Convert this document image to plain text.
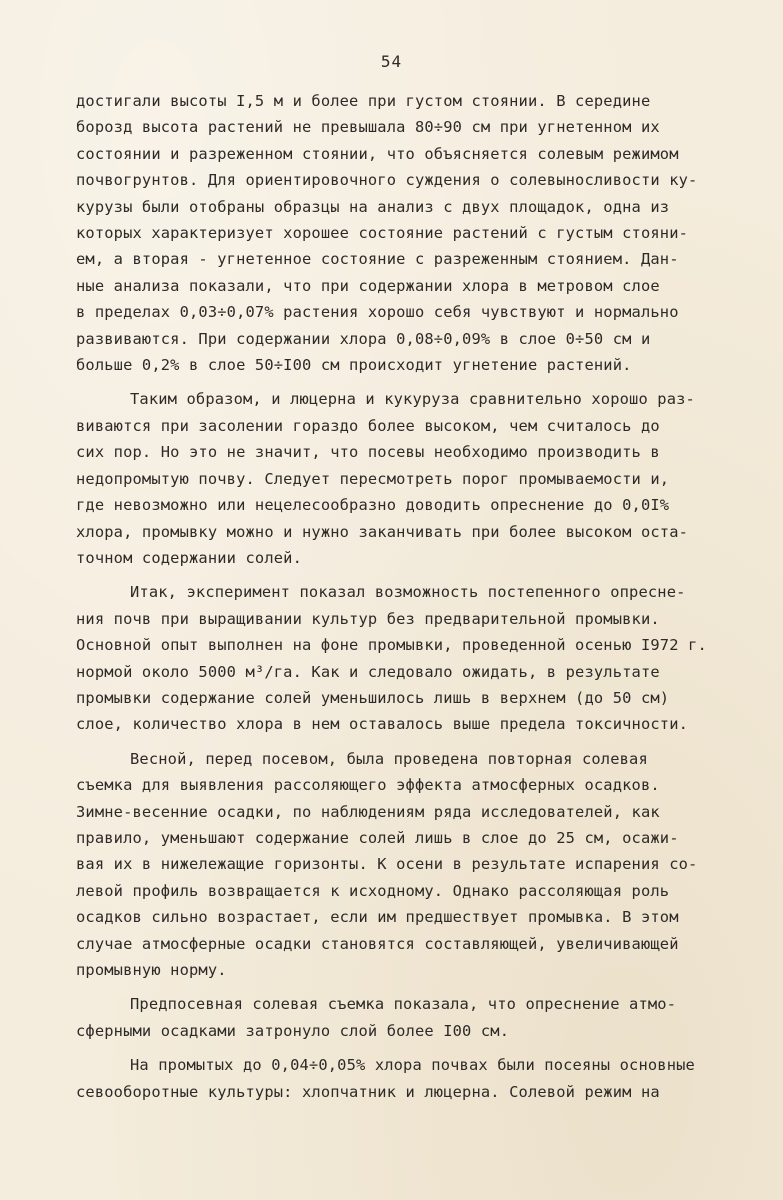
54
достигали высоты I,5 м и более при густом стоянии. В середине
борозд высота растений не превышала 80÷90 см при угнетенном их
состоянии и разреженном стоянии, что объясняется солевым режимом
почвогрунтов. Для ориентировочного суждения о солевыносливости ку-
курузы были отобраны образцы на анализ с двух площадок, одна из
которых характеризует хорошее состояние растений с густым стояни-
ем, а вторая - угнетенное состояние с разреженным стоянием. Дан-
ные анализа показали, что при содержании хлора в метровом слое
в пределах 0,03÷0,07% растения хорошо себя чувствуют и нормально
развиваются. При содержании хлора 0,08÷0,09% в слое 0÷50 см и
больше 0,2% в слое 50÷I00 см происходит угнетение растений.
Таким образом, и люцерна и кукуруза сравнительно хорошо раз-
виваются при засолении гораздо более высоком, чем считалось до
сих пор. Но это не значит, что посевы необходимо производить в
недопромытую почву. Следует пересмотреть порог промываемости и,
где невозможно или нецелесообразно доводить опреснение до 0,0I%
хлора, промывку можно и нужно заканчивать при более высоком оста-
точном содержании солей.
Итак, эксперимент показал возможность постепенного опреснe-
ния почв при выращивании культур без предварительной промывки.
Основной опыт выполнен на фоне промывки, проведенной осенью I972 г.
нормой около 5000 м³/га. Как и следовало ожидать, в результате
промывки содержание солей уменьшилось лишь в верхнем (до 50 см)
слое, количество хлора в нем оставалось выше предела токсичности.
Весной, перед посевом, была проведена повторная солевая
съемка для выявления рассоляющего эффекта атмосферных осадков.
Зимне-весенние осадки, по наблюдениям ряда исследователей, как
правило, уменьшают содержание солей лишь в слое до 25 см, осажи-
вая их в нижележащие горизонты. К осени в результате испарения со-
левой профиль возвращается к исходному. Однако рассоляющая роль
осадков сильно возрастает, если им предшествует промывка. В этом
случае атмосферные осадки становятся составляющей, увеличивающей
промывную норму.
Предпосевная солевая съемка показала, что опреснение атмо-
сферными осадками затронуло слой более I00 см.
На промытых до 0,04÷0,05% хлора почвах были посеяны основные
севооборотные культуры: хлопчатник и люцерна. Солевой режим на
